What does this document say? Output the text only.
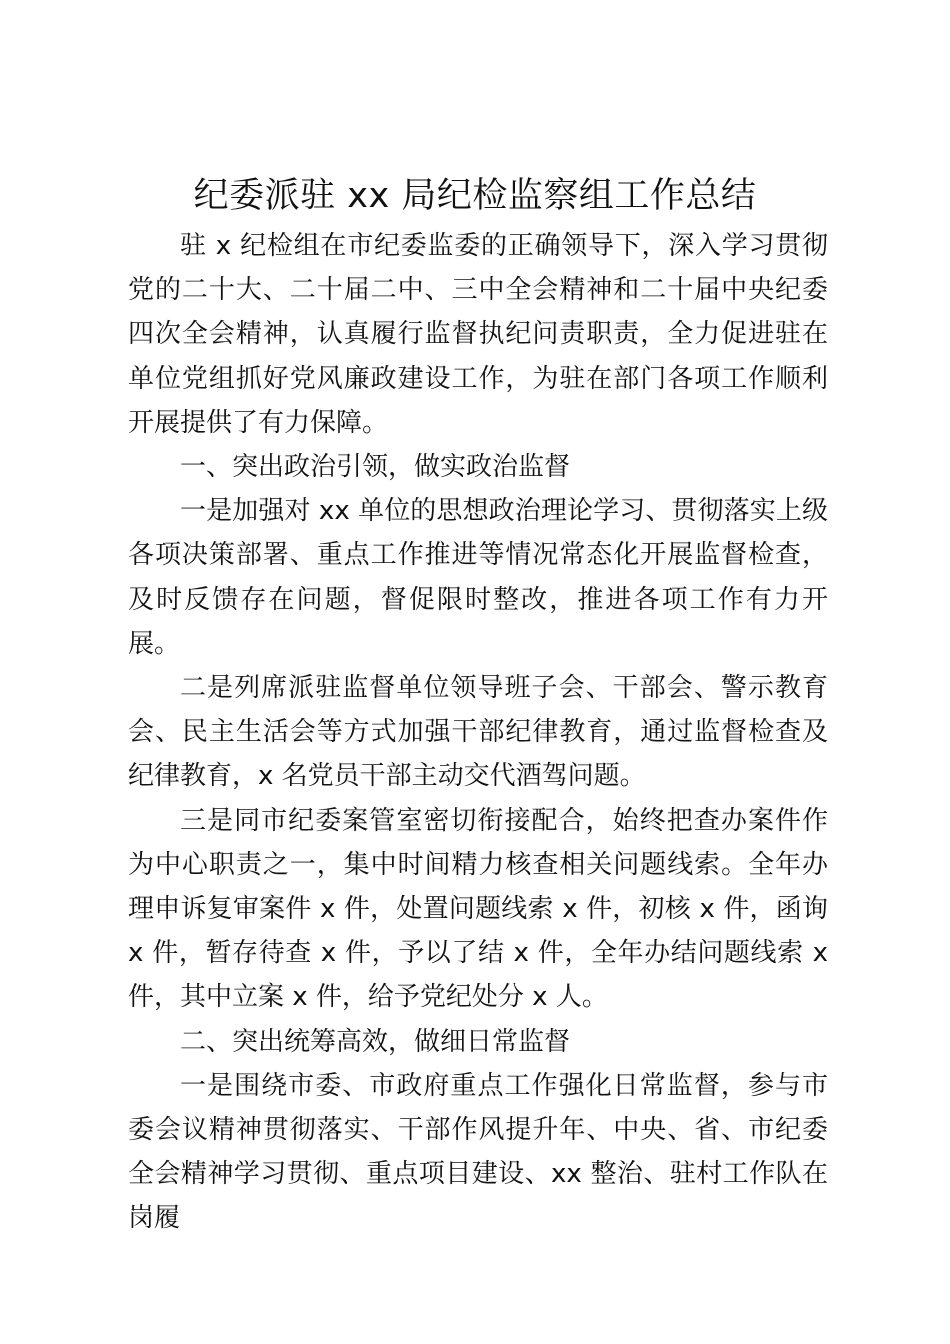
纪委派驻 xx 局纪检监察组工作总结

驻 x 纪检组在市纪委监委的正确领导下，深入学习贯彻党的二十大、二十届二中、三中全会精神和二十届中央纪委四次全会精神，认真履行监督执纪问责职责，全力促进驻在单位党组抓好党风廉政建设工作，为驻在部门各项工作顺利开展提供了有力保障。

一、突出政治引领，做实政治监督

一是加强对 xx 单位的思想政治理论学习、贯彻落实上级各项决策部署、重点工作推进等情况常态化开展监督检查，及时反馈存在问题，督促限时整改，推进各项工作有力开展。

二是列席派驻监督单位领导班子会、干部会、警示教育会、民主生活会等方式加强干部纪律教育，通过监督检查及纪律教育，x 名党员干部主动交代酒驾问题。

三是同市纪委案管室密切衔接配合，始终把查办案件作为中心职责之一，集中时间精力核查相关问题线索。全年办理申诉复审案件 x 件，处置问题线索 x 件，初核 x 件，函询 x 件，暂存待查 x 件，予以了结 x 件，全年办结问题线索 x 件，其中立案 x 件，给予党纪处分 x 人。

二、突出统筹高效，做细日常监督

一是围绕市委、市政府重点工作强化日常监督，参与市委会议精神贯彻落实、干部作风提升年、中央、省、市纪委全会精神学习贯彻、重点项目建设、xx 整治、驻村工作队在岗履
